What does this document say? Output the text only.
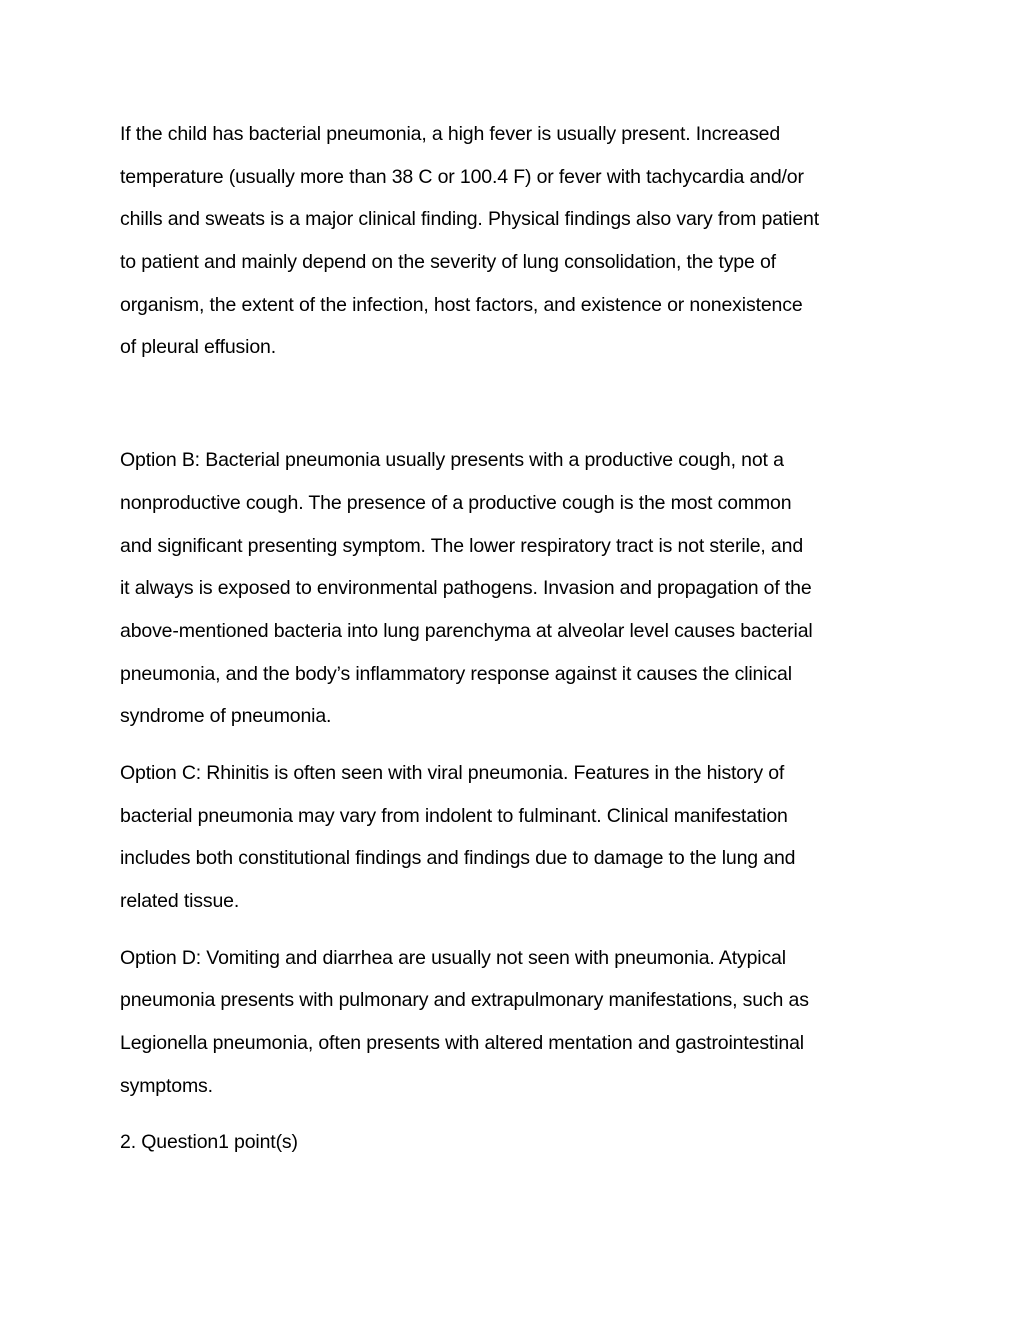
If the child has bacterial pneumonia, a high fever is usually present. Increased
temperature (usually more than 38 C or 100.4 F) or fever with tachycardia and/or
chills and sweats is a major clinical finding. Physical findings also vary from patient
to patient and mainly depend on the severity of lung consolidation, the type of
organism, the extent of the infection, host factors, and existence or nonexistence
of pleural effusion.
Option B: Bacterial pneumonia usually presents with a productive cough, not a
nonproductive cough. The presence of a productive cough is the most common
and significant presenting symptom. The lower respiratory tract is not sterile, and
it always is exposed to environmental pathogens. Invasion and propagation of the
above-mentioned bacteria into lung parenchyma at alveolar level causes bacterial
pneumonia, and the body’s inflammatory response against it causes the clinical
syndrome of pneumonia.
Option C: Rhinitis is often seen with viral pneumonia. Features in the history of
bacterial pneumonia may vary from indolent to fulminant. Clinical manifestation
includes both constitutional findings and findings due to damage to the lung and
related tissue.
Option D: Vomiting and diarrhea are usually not seen with pneumonia. Atypical
pneumonia presents with pulmonary and extrapulmonary manifestations, such as
Legionella pneumonia, often presents with altered mentation and gastrointestinal
symptoms.
2. Question1 point(s)
